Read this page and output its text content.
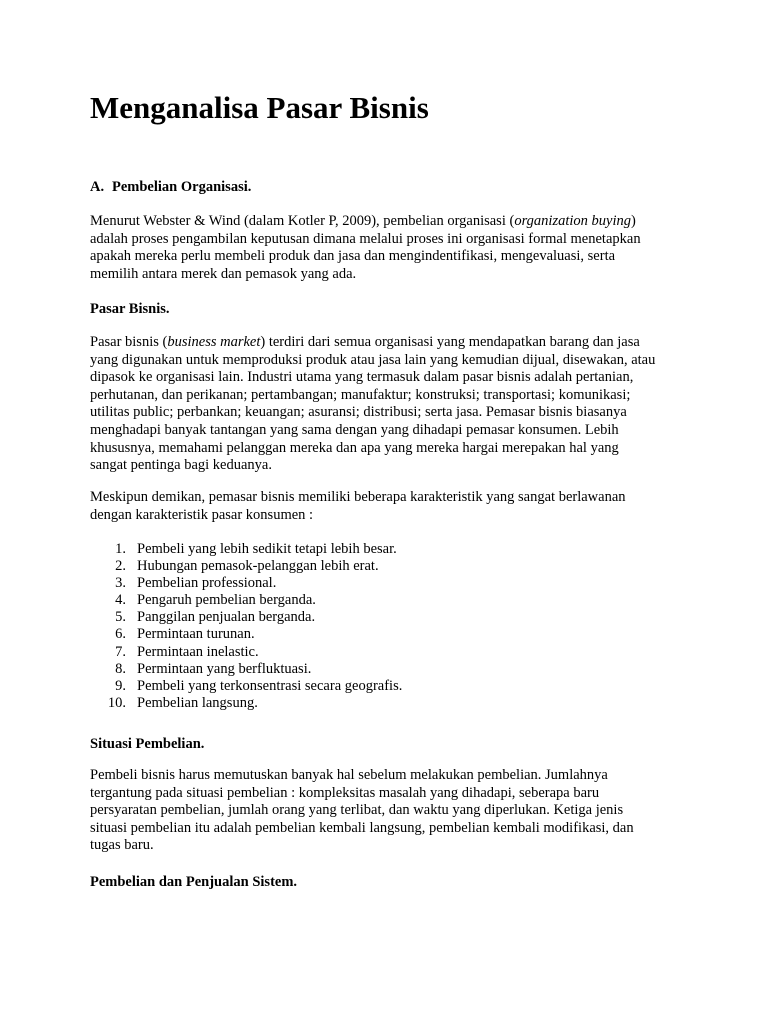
Menganalisa Pasar Bisnis
A. Pembelian Organisasi.
Menurut Webster & Wind (dalam Kotler P, 2009), pembelian organisasi (organization buying)
adalah proses pengambilan keputusan dimana melalui proses ini organisasi formal menetapkan
apakah mereka perlu membeli produk dan jasa dan mengindentifikasi, mengevaluasi, serta
memilih antara merek dan pemasok yang ada.
Pasar Bisnis.
Pasar bisnis (business market) terdiri dari semua organisasi yang mendapatkan barang dan jasa
yang digunakan untuk memproduksi produk atau jasa lain yang kemudian dijual, disewakan, atau
dipasok ke organisasi lain. Industri utama yang termasuk dalam pasar bisnis adalah pertanian,
perhutanan, dan perikanan; pertambangan; manufaktur; konstruksi; transportasi; komunikasi;
utilitas public; perbankan; keuangan; asuransi; distribusi; serta jasa. Pemasar bisnis biasanya
menghadapi banyak tantangan yang sama dengan yang dihadapi pemasar konsumen. Lebih
khususnya, memahami pelanggan mereka dan apa yang mereka hargai merepakan hal yang
sangat pentinga bagi keduanya.
Meskipun demikan, pemasar bisnis memiliki beberapa karakteristik yang sangat berlawanan
dengan karakteristik pasar konsumen :
1. Pembeli yang lebih sedikit tetapi lebih besar.
2. Hubungan pemasok-pelanggan lebih erat.
3. Pembelian professional.
4. Pengaruh pembelian berganda.
5. Panggilan penjualan berganda.
6. Permintaan turunan.
7. Permintaan inelastic.
8. Permintaan yang berfluktuasi.
9. Pembeli yang terkonsentrasi secara geografis.
10. Pembelian langsung.
Situasi Pembelian.
Pembeli bisnis harus memutuskan banyak hal sebelum melakukan pembelian. Jumlahnya
tergantung pada situasi pembelian : kompleksitas masalah yang dihadapi, seberapa baru
persyaratan pembelian, jumlah orang yang terlibat, dan waktu yang diperlukan. Ketiga jenis
situasi pembelian itu adalah pembelian kembali langsung, pembelian kembali modifikasi, dan
tugas baru.
Pembelian dan Penjualan Sistem.
